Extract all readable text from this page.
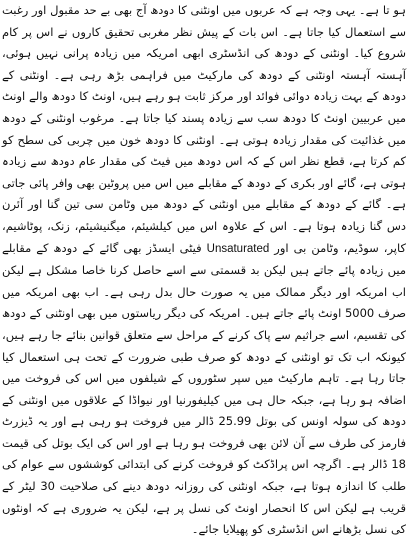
ہو تا ہے۔ یہی وجہ ہے کہ عربوں میں اونٹنی کا دودھ آج بھی بے حد مقبول اور رغبت سے استعمال کیا جاتا ہے۔ اس بات کے پیش نظر مغربی تحقیق کاروں نے اس پر کام شروع کیا۔ اونٹنی کے دودھ کی انڈسٹری ابھی امریکہ میں زیادہ پرانی نہیں ہوئی، آہستہ آہستہ اونٹنی کے دودھ کی مارکیٹ میں فراہمی بڑھ رہی ہے۔ اونٹنی کے دودھ کے بہت زیادہ دوائی فوائد اور مرکز ثابت ہو رہے ہیں، اونٹ کا دودھ والے اونٹ میں عربیین اونٹ کا دودھ سب سے زیادہ پسند کیا جاتا ہے۔ مرغوب اونٹنی کے دودھ میں غذائیت کی مقدار زیادہ ہوتی ہے۔ اونٹنی کا دودھ خون میں چربی کی سطح کو کم کرتا ہے، قطع نظر اس کے کہ اس دودھ میں فیٹ کی مقدار عام دودھ سے زیادہ ہوتی ہے، گائے اور بکری کے دودھ کے مقابلے میں اس میں پروٹین بھی وافر پائی جاتی ہے۔ گائے کے دودھ کے مقابلے میں اونٹنی کے دودھ میں وٹامن سی تین گنا اور آئرن دس گنا زیادہ ہوتا ہے۔ اس کے علاوہ اس میں کیلشیئم، میگنیشیئم، زنک، پوٹاشیم، کاپر، سوڈیم، وٹامن بی اور Unsaturated فیٹی ایسڈز بھی گائے کے دودھ کے مقابلے میں زیادہ پائے جاتے ہیں لیکن بد قسمتی سے اسے حاصل کرنا خاصا مشکل ہے لیکن اب امریکہ اور دیگر ممالک میں یہ صورت حال بدل رہی ہے۔ اب بھی امریکہ میں صرف 5000 اونٹ پائے جاتے ہیں۔ امریکہ کی دیگر ریاستوں میں بھی اونٹنی کے دودھ کی تقسیم، اسے جراثیم سے پاک کرنے کے مراحل سے متعلق قوانین بنائے جا رہے ہیں، کیونکہ اب تک تو اونٹنی کے دودھ کو صرف طبی ضرورت کے تحت ہی استعمال کیا جاتا رہا ہے۔ تاہم مارکیٹ میں سپر سٹوروں کے شیلفوں میں اس کی فروخت میں اضافہ ہو رہا ہے، جبکہ حال ہی میں کیلیفورنیا اور نیواڈا کے علاقوں میں اونٹنی کے دودھ کی سولہ اونس کی بوتل 25.99 ڈالر میں فروخت ہو رہی ہے اور یہ ڈیزرٹ فارمز کی طرف سے آن لائن بھی فروخت ہو رہا ہے اور اس کی ایک بوتل کی قیمت 18 ڈالر ہے۔ اگرچہ اس پراڈکٹ کو فروخت کرنے کی ابتدائی کوششوں سے عوام کی طلب کا اندازہ ہوتا ہے، جبکہ اونٹنی کی روزانہ دودھ دینے کی صلاحیت 30 لیٹر کے قریب ہے لیکن اس کا انحصار اونٹ کی نسل پر ہے، لیکن یہ ضروری ہے کہ اونٹوں کی نسل بڑھانے اس انڈسٹری کو پھیلایا جائے۔
